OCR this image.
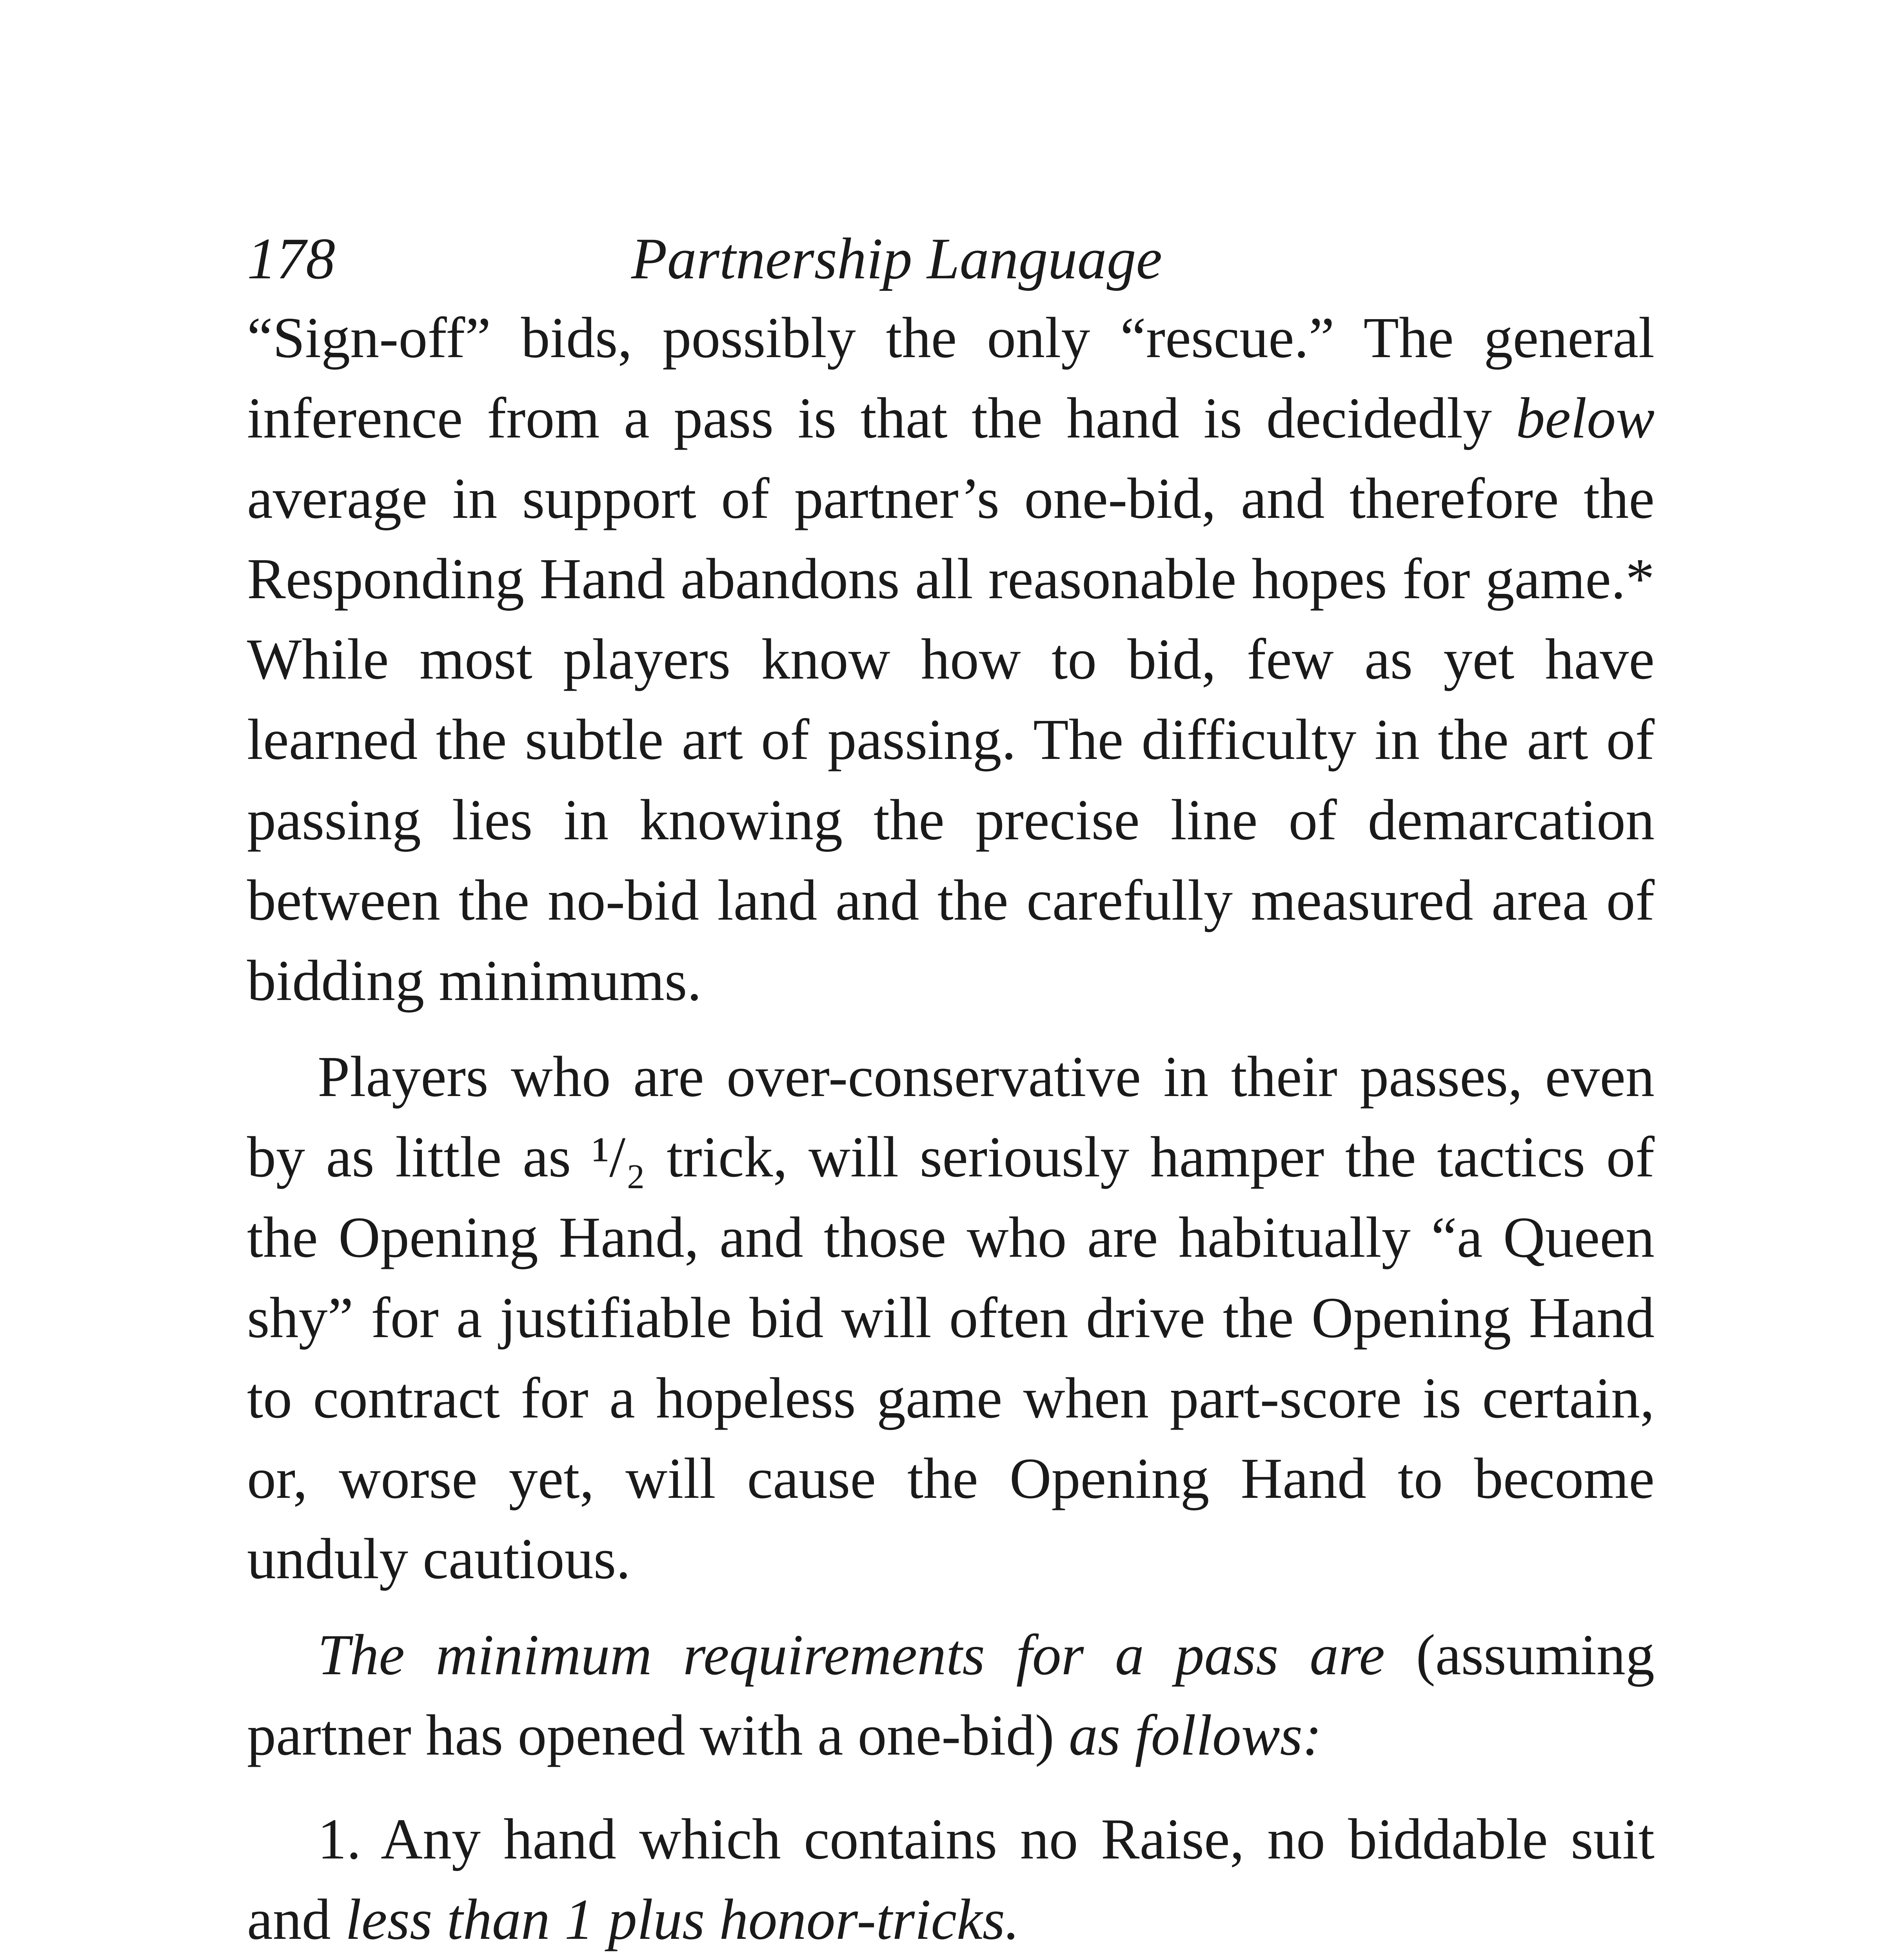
178	Partnership Language

“Sign-off” bids, possibly the only “rescue.” The general inference from a pass is that the hand is decidedly below average in support of partner’s one-bid, and therefore the Responding Hand abandons all reasonable hopes for game.* While most players know how to bid, few as yet have learned the subtle art of passing. The difficulty in the art of passing lies in knowing the precise line of demarcation between the no-bid land and the carefully measured area of bidding minimums.

Players who are over-conservative in their passes, even by as little as ¹/₂ trick, will seriously hamper the tactics of the Opening Hand, and those who are habitually “a Queen shy” for a justifiable bid will often drive the Opening Hand to contract for a hopeless game when part-score is certain, or, worse yet, will cause the Opening Hand to become unduly cautious.

The minimum requirements for a pass are (assuming partner has opened with a one-bid) as follows:

1. Any hand which contains no Raise, no biddable suit and less than 1 plus honor-tricks.
